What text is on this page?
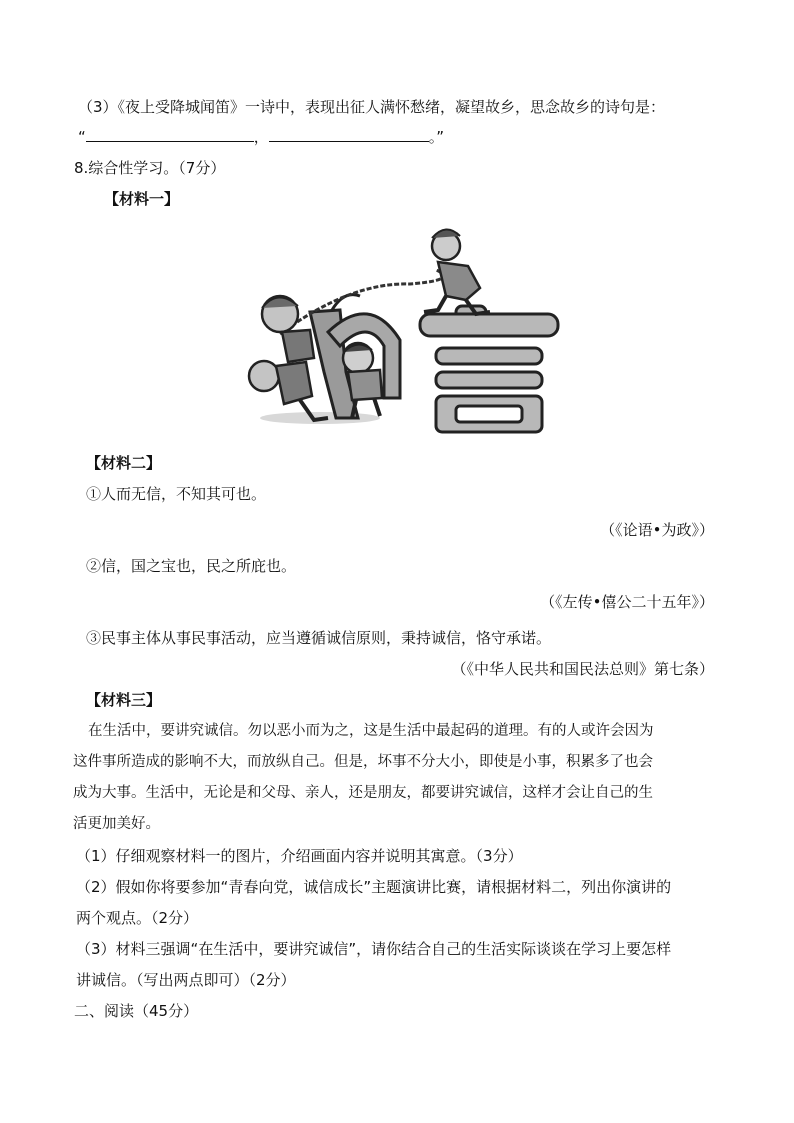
（3）《夜上受降城闻笛》一诗中，表现出征人满怀愁绪，凝望故乡，思念故乡的诗句是：
“	，	。”
8.综合性学习。（7分）
【材料一】
【材料二】
①人而无信，不知其可也。
（《论语•为政》）
②信，国之宝也，民之所庇也。
（《左传•僖公二十五年》）
③民事主体从事民事活动，应当遵循诚信原则，秉持诚信，恪守承诺。
（《中华人民共和国民法总则》第七条）
【材料三】
在生活中，要讲究诚信。勿以恶小而为之，这是生活中最起码的道理。有的人或许会因为
这件事所造成的影响不大，而放纵自己。但是，坏事不分大小，即使是小事，积累多了也会
成为大事。生活中，无论是和父母、亲人，还是朋友，都要讲究诚信，这样才会让自己的生
活更加美好。
（1）仔细观察材料一的图片，介绍画面内容并说明其寓意。（3分）
（2）假如你将要参加“青春向党，诚信成长”主题演讲比赛，请根据材料二，列出你演讲的
两个观点。（2分）
（3）材料三强调“在生活中，要讲究诚信”，请你结合自己的生活实际谈谈在学习上要怎样
讲诚信。（写出两点即可）（2分）
二、阅读（45分）
